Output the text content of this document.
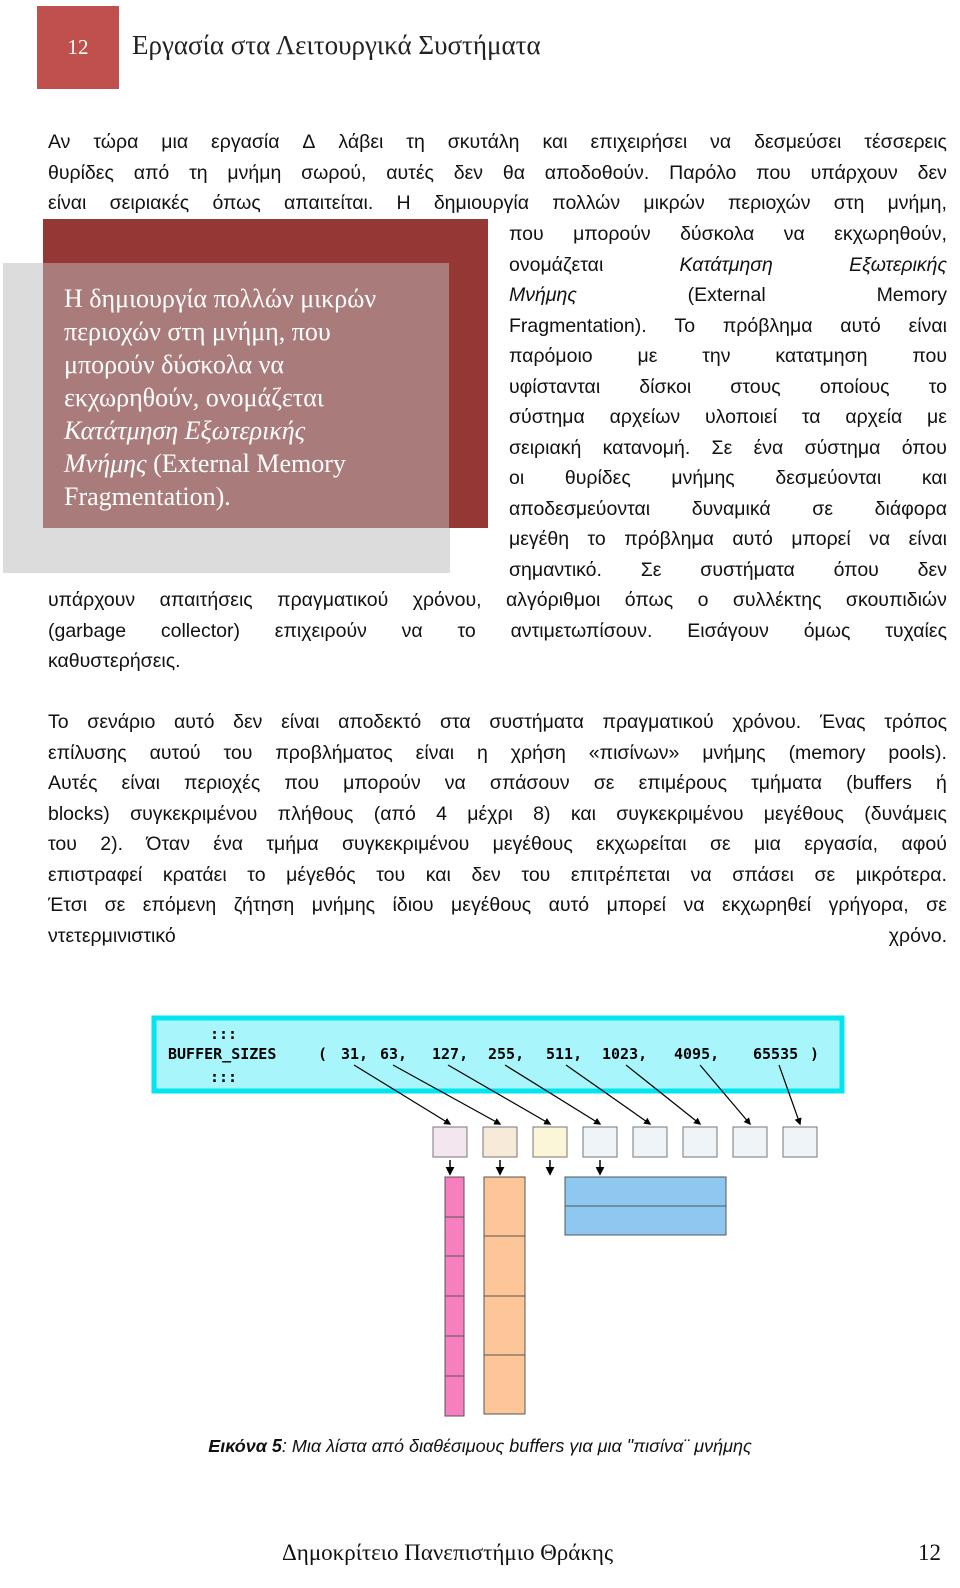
12	Εργασία στα Λειτουργικά Συστήματα
Αν τώρα μια εργασία Δ λάβει τη σκυτάλη και επιχειρήσει να δεσμεύσει τέσσερεις
θυρίδες από τη μνήμη σωρού, αυτές δεν θα αποδοθούν. Παρόλο που υπάρχουν δεν
είναι σειριακές όπως απαιτείται. Η δημιουργία πολλών μικρών περιοχών στη μνήμη,
Η δημιουργία πολλών μικρών
περιοχών στη μνήμη, που
μπορούν δύσκολα να
εκχωρηθούν, ονομάζεται
Κατάτμηση Εξωτερικής
Μνήμης (External Memory
Fragmentation).
που μπορούν δύσκολα να εκχωρηθούν,
ονομάζεται	Κατάτμηση	Εξωτερικής
Μνήμης	(External	Memory
Fragmentation). Το πρόβλημα αυτό είναι
παρόμοιο με την κατατμηση που
υφίστανται δίσκοι στους οποίους το
σύστημα αρχείων υλοποιεί τα αρχεία με
σειριακή κατανομή. Σε ένα σύστημα όπου
οι θυρίδες μνήμης δεσμεύονται και
αποδεσμεύονται δυναμικά σε διάφορα
μεγέθη το πρόβλημα αυτό μπορεί να είναι
σημαντικό. Σε συστήματα όπου δεν
υπάρχουν απαιτήσεις πραγματικού χρόνου, αλγόριθμοι όπως ο συλλέκτης σκουπιδιών
(garbage collector) επιχειρούν να το αντιμετωπίσουν. Εισάγουν όμως τυχαίες
καθυστερήσεις.
Το σενάριο αυτό δεν είναι αποδεκτό στα συστήματα πραγματικού χρόνου. Ένας τρόπος
επίλυσης αυτού του προβλήματος είναι η χρήση «πισίνων» μνήμης (memory pools).
Αυτές είναι περιοχές που μπορούν να σπάσουν σε επιμέρους τμήματα (buffers ή
blocks) συγκεκριμένου πλήθους (από 4 μέχρι 8) και συγκεκριμένου μεγέθους (δυνάμεις
του 2). Όταν ένα τμήμα συγκεκριμένου μεγέθους εκχωρείται σε μια εργασία, αφού
επιστραφεί κρατάει το μέγεθός του και δεν του επιτρέπεται να σπάσει σε μικρότερα.
Έτσι σε επόμενη ζήτηση μνήμης ίδιου μεγέθους αυτό μπορεί να εκχωρηθεί γρήγορα, σε
ντετερμινιστικό χρόνο.
:::
BUFFER_SIZES	(	)
:::
31, 63, 127, 255, 511, 1023, 4095, 65535
Εικόνα 5: Μια λίστα από διαθέσιμους buffers για μια "πισίνα¨ μνήμης
Δημοκρίτειο Πανεπιστήμιο Θράκης	12
